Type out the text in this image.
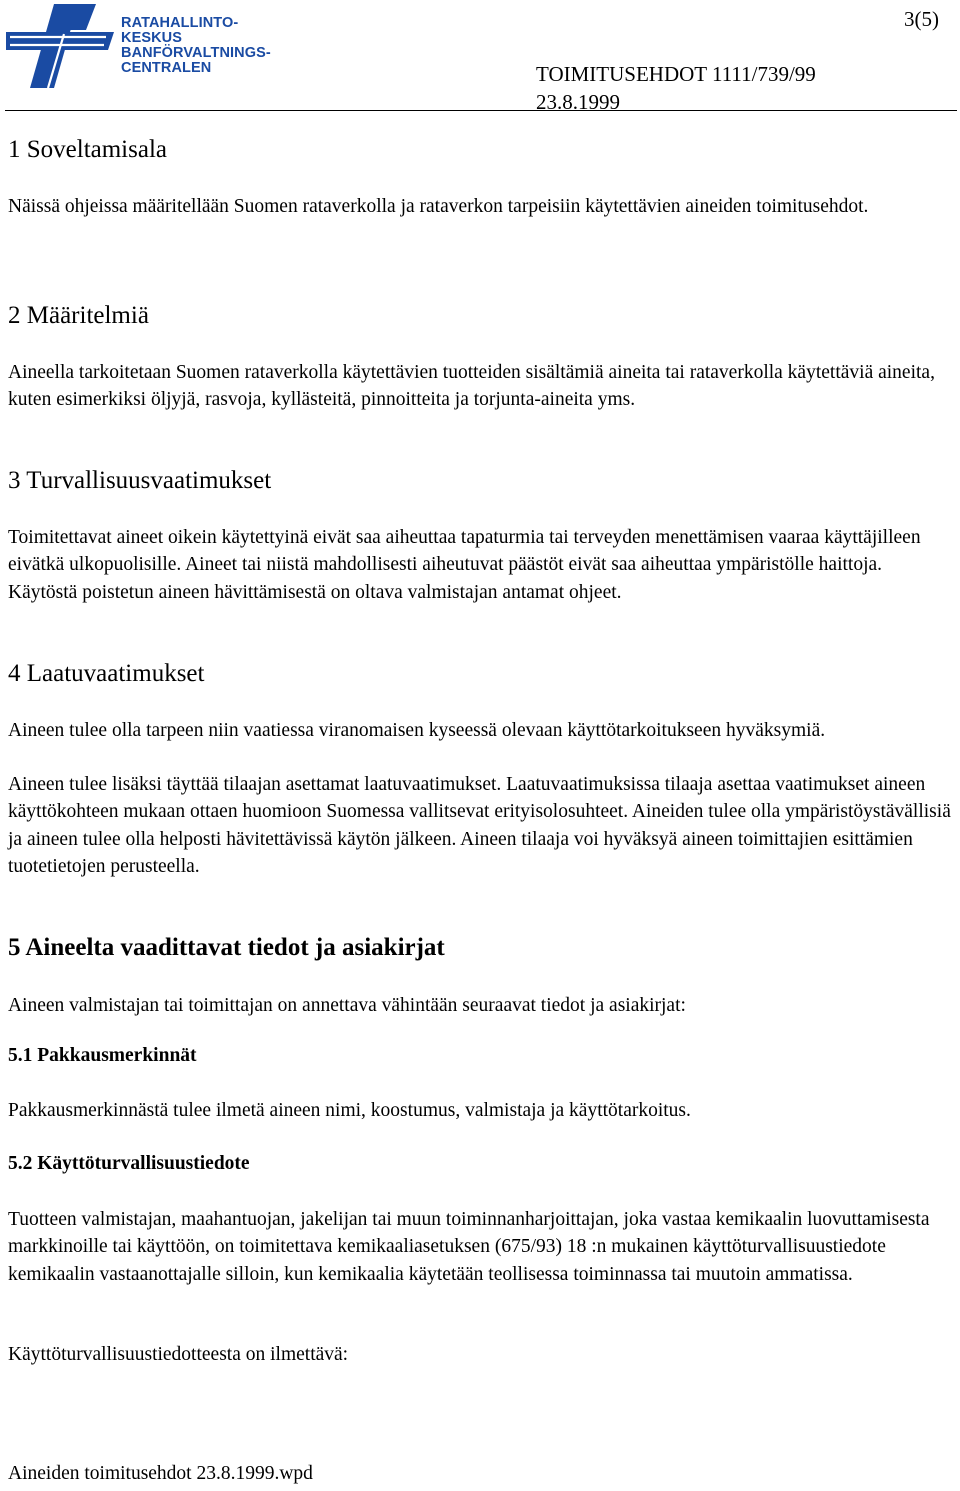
RATAHALLINTO-
KESKUS
BANFÖRVALTNINGS-
CENTRALEN
3(5)
TOIMITUSEHDOT 1111/739/99
23.8.1999
1 Soveltamisala
Näissä ohjeissa määritellään Suomen rataverkolla ja rataverkon tarpeisiin käytettävien aineiden toimitusehdot.
2 Määritelmiä
Aineella tarkoitetaan Suomen rataverkolla käytettävien tuotteiden sisältämiä aineita tai rataverkolla käytettäviä aineita, kuten esimerkiksi öljyjä, rasvoja, kyllästeitä, pinnoitteita ja torjunta-aineita yms.
3 Turvallisuusvaatimukset
Toimitettavat aineet oikein käytettyinä eivät saa aiheuttaa tapaturmia tai terveyden menettämisen vaaraa käyttäjilleen eivätkä ulkopuolisille. Aineet tai niistä mahdollisesti aiheutuvat päästöt eivät saa aiheuttaa ympäristölle haittoja. Käytöstä poistetun aineen hävittämisestä on oltava valmistajan antamat ohjeet.
4 Laatuvaatimukset
Aineen tulee olla tarpeen niin vaatiessa viranomaisen kyseessä olevaan käyttötarkoitukseen hyväksymiä.
Aineen tulee lisäksi täyttää tilaajan asettamat laatuvaatimukset. Laatuvaatimuksissa tilaaja asettaa vaatimukset aineen käyttökohteen mukaan ottaen huomioon Suomessa vallitsevat erityisolosuhteet. Aineiden tulee olla ympäristöystävällisiä ja aineen tulee olla helposti hävitettävissä käytön jälkeen. Aineen tilaaja voi hyväksyä aineen toimittajien esittämien tuotetietojen perusteella.
5 Aineelta vaadittavat tiedot ja asiakirjat
Aineen valmistajan tai toimittajan on annettava vähintään seuraavat tiedot ja asiakirjat:
5.1 Pakkausmerkinnät
Pakkausmerkinnästä tulee ilmetä aineen nimi, koostumus, valmistaja ja käyttötarkoitus.
5.2 Käyttöturvallisuustiedote
Tuotteen valmistajan, maahantuojan, jakelijan tai muun toiminnanharjoittajan, joka vastaa kemikaalin luovuttamisesta markkinoille tai käyttöön, on toimitettava kemikaaliasetuksen (675/93) 18 :n mukainen käyttöturvallisuustiedote kemikaalin vastaanottajalle silloin, kun kemikaalia käytetään teollisessa toiminnassa tai muutoin ammatissa.
Käyttöturvallisuustiedotteesta on ilmettävä:
Aineiden toimitusehdot 23.8.1999.wpd
